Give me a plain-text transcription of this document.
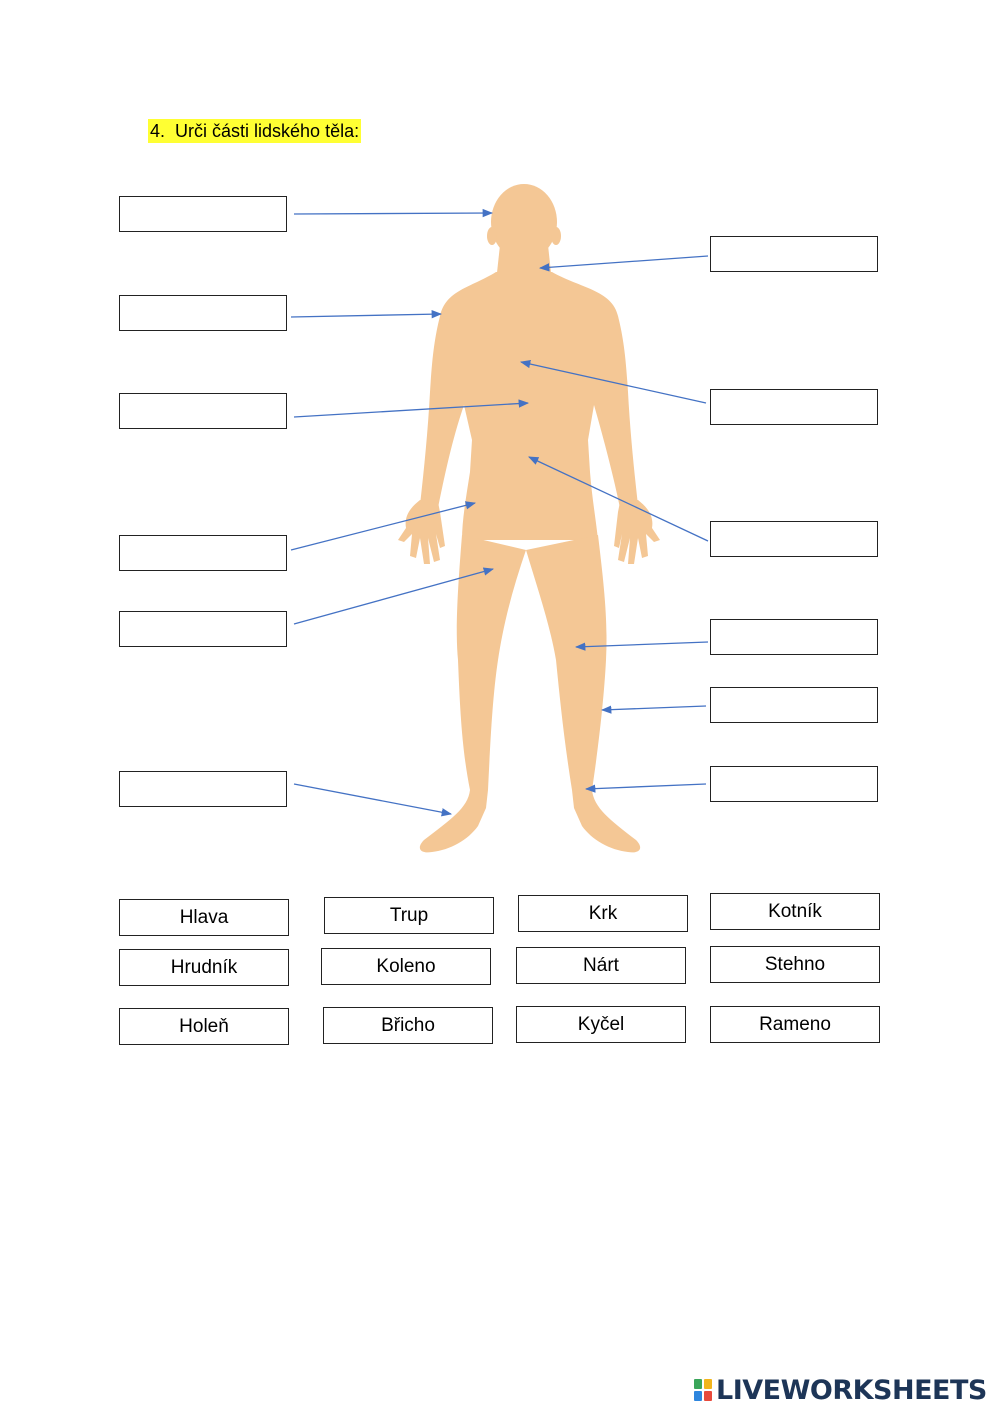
4. Urči části lidského těla:
Hlava	Trup	Krk	Kotník
Hrudník	Koleno	Nárt	Stehno
Holeň	Břicho	Kyčel	Rameno
LIVEWORKSHEETS
